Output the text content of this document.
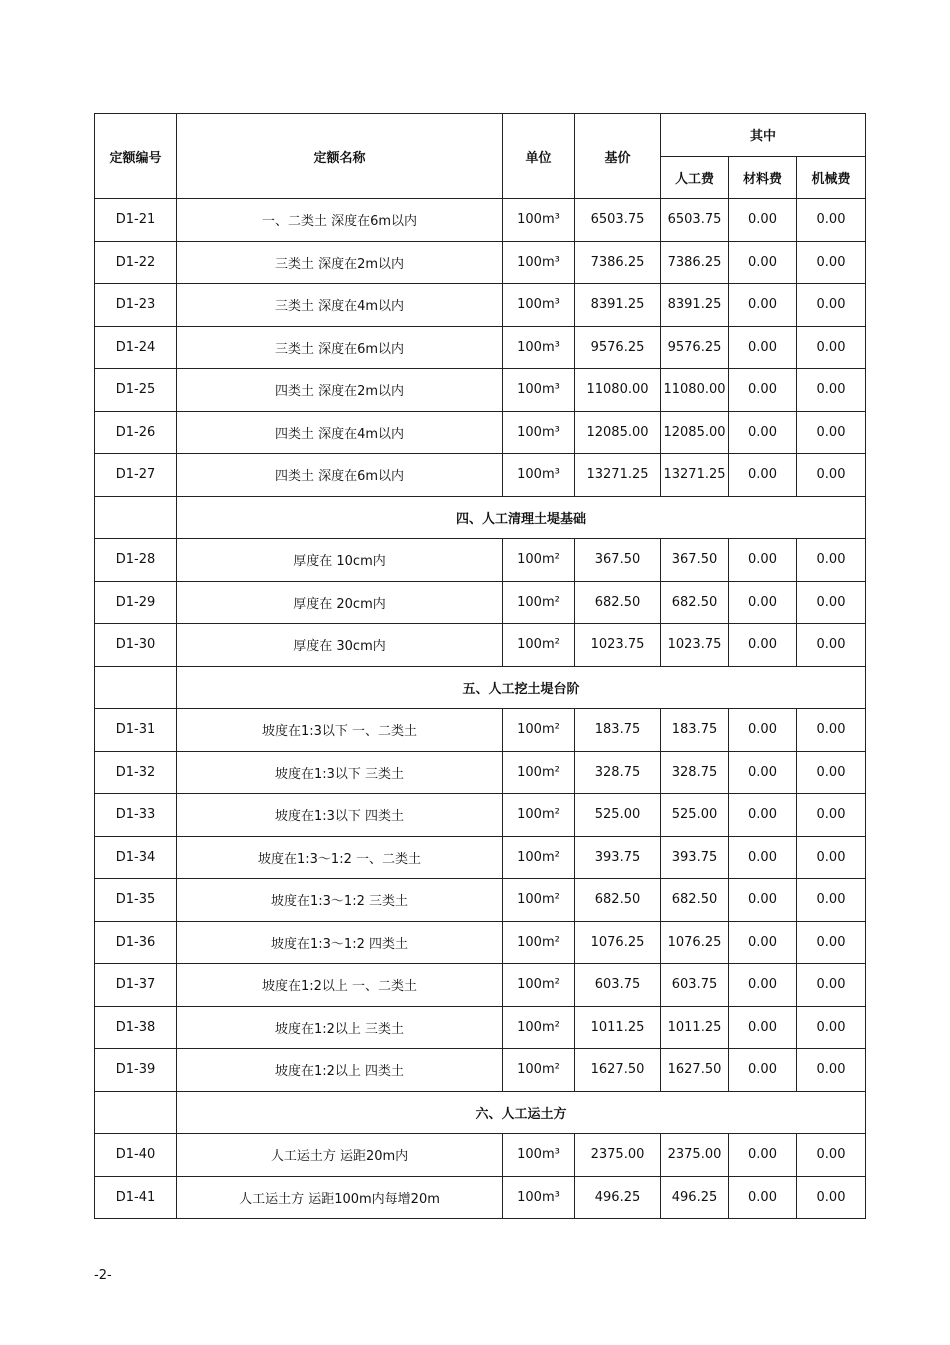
定额编号	定额名称	单位	基价	其中		
				人工费	材料费	机械费
D1-21	一、二类土 深度在6m以内	100m³	6503.75	6503.75	0.00	0.00
D1-22	三类土 深度在2m以内	100m³	7386.25	7386.25	0.00	0.00
D1-23	三类土 深度在4m以内	100m³	8391.25	8391.25	0.00	0.00
D1-24	三类土 深度在6m以内	100m³	9576.25	9576.25	0.00	0.00
D1-25	四类土 深度在2m以内	100m³	11080.00	11080.00	0.00	0.00
D1-26	四类土 深度在4m以内	100m³	12085.00	12085.00	0.00	0.00
D1-27	四类土 深度在6m以内	100m³	13271.25	13271.25	0.00	0.00
	四、人工清理土堤基础					
D1-28	厚度在 10cm内	100m²	367.50	367.50	0.00	0.00
D1-29	厚度在 20cm内	100m²	682.50	682.50	0.00	0.00
D1-30	厚度在 30cm内	100m²	1023.75	1023.75	0.00	0.00
	五、人工挖土堤台阶					
D1-31	坡度在1:3以下 一、二类土	100m²	183.75	183.75	0.00	0.00
D1-32	坡度在1:3以下 三类土	100m²	328.75	328.75	0.00	0.00
D1-33	坡度在1:3以下 四类土	100m²	525.00	525.00	0.00	0.00
D1-34	坡度在1:3～1:2 一、二类土	100m²	393.75	393.75	0.00	0.00
D1-35	坡度在1:3～1:2 三类土	100m²	682.50	682.50	0.00	0.00
D1-36	坡度在1:3～1:2 四类土	100m²	1076.25	1076.25	0.00	0.00
D1-37	坡度在1:2以上 一、二类土	100m²	603.75	603.75	0.00	0.00
D1-38	坡度在1:2以上 三类土	100m²	1011.25	1011.25	0.00	0.00
D1-39	坡度在1:2以上 四类土	100m²	1627.50	1627.50	0.00	0.00
	六、人工运土方					
D1-40	人工运土方 运距20m内	100m³	2375.00	2375.00	0.00	0.00
D1-41	人工运土方 运距100m内每增20m	100m³	496.25	496.25	0.00	0.00
-2-
